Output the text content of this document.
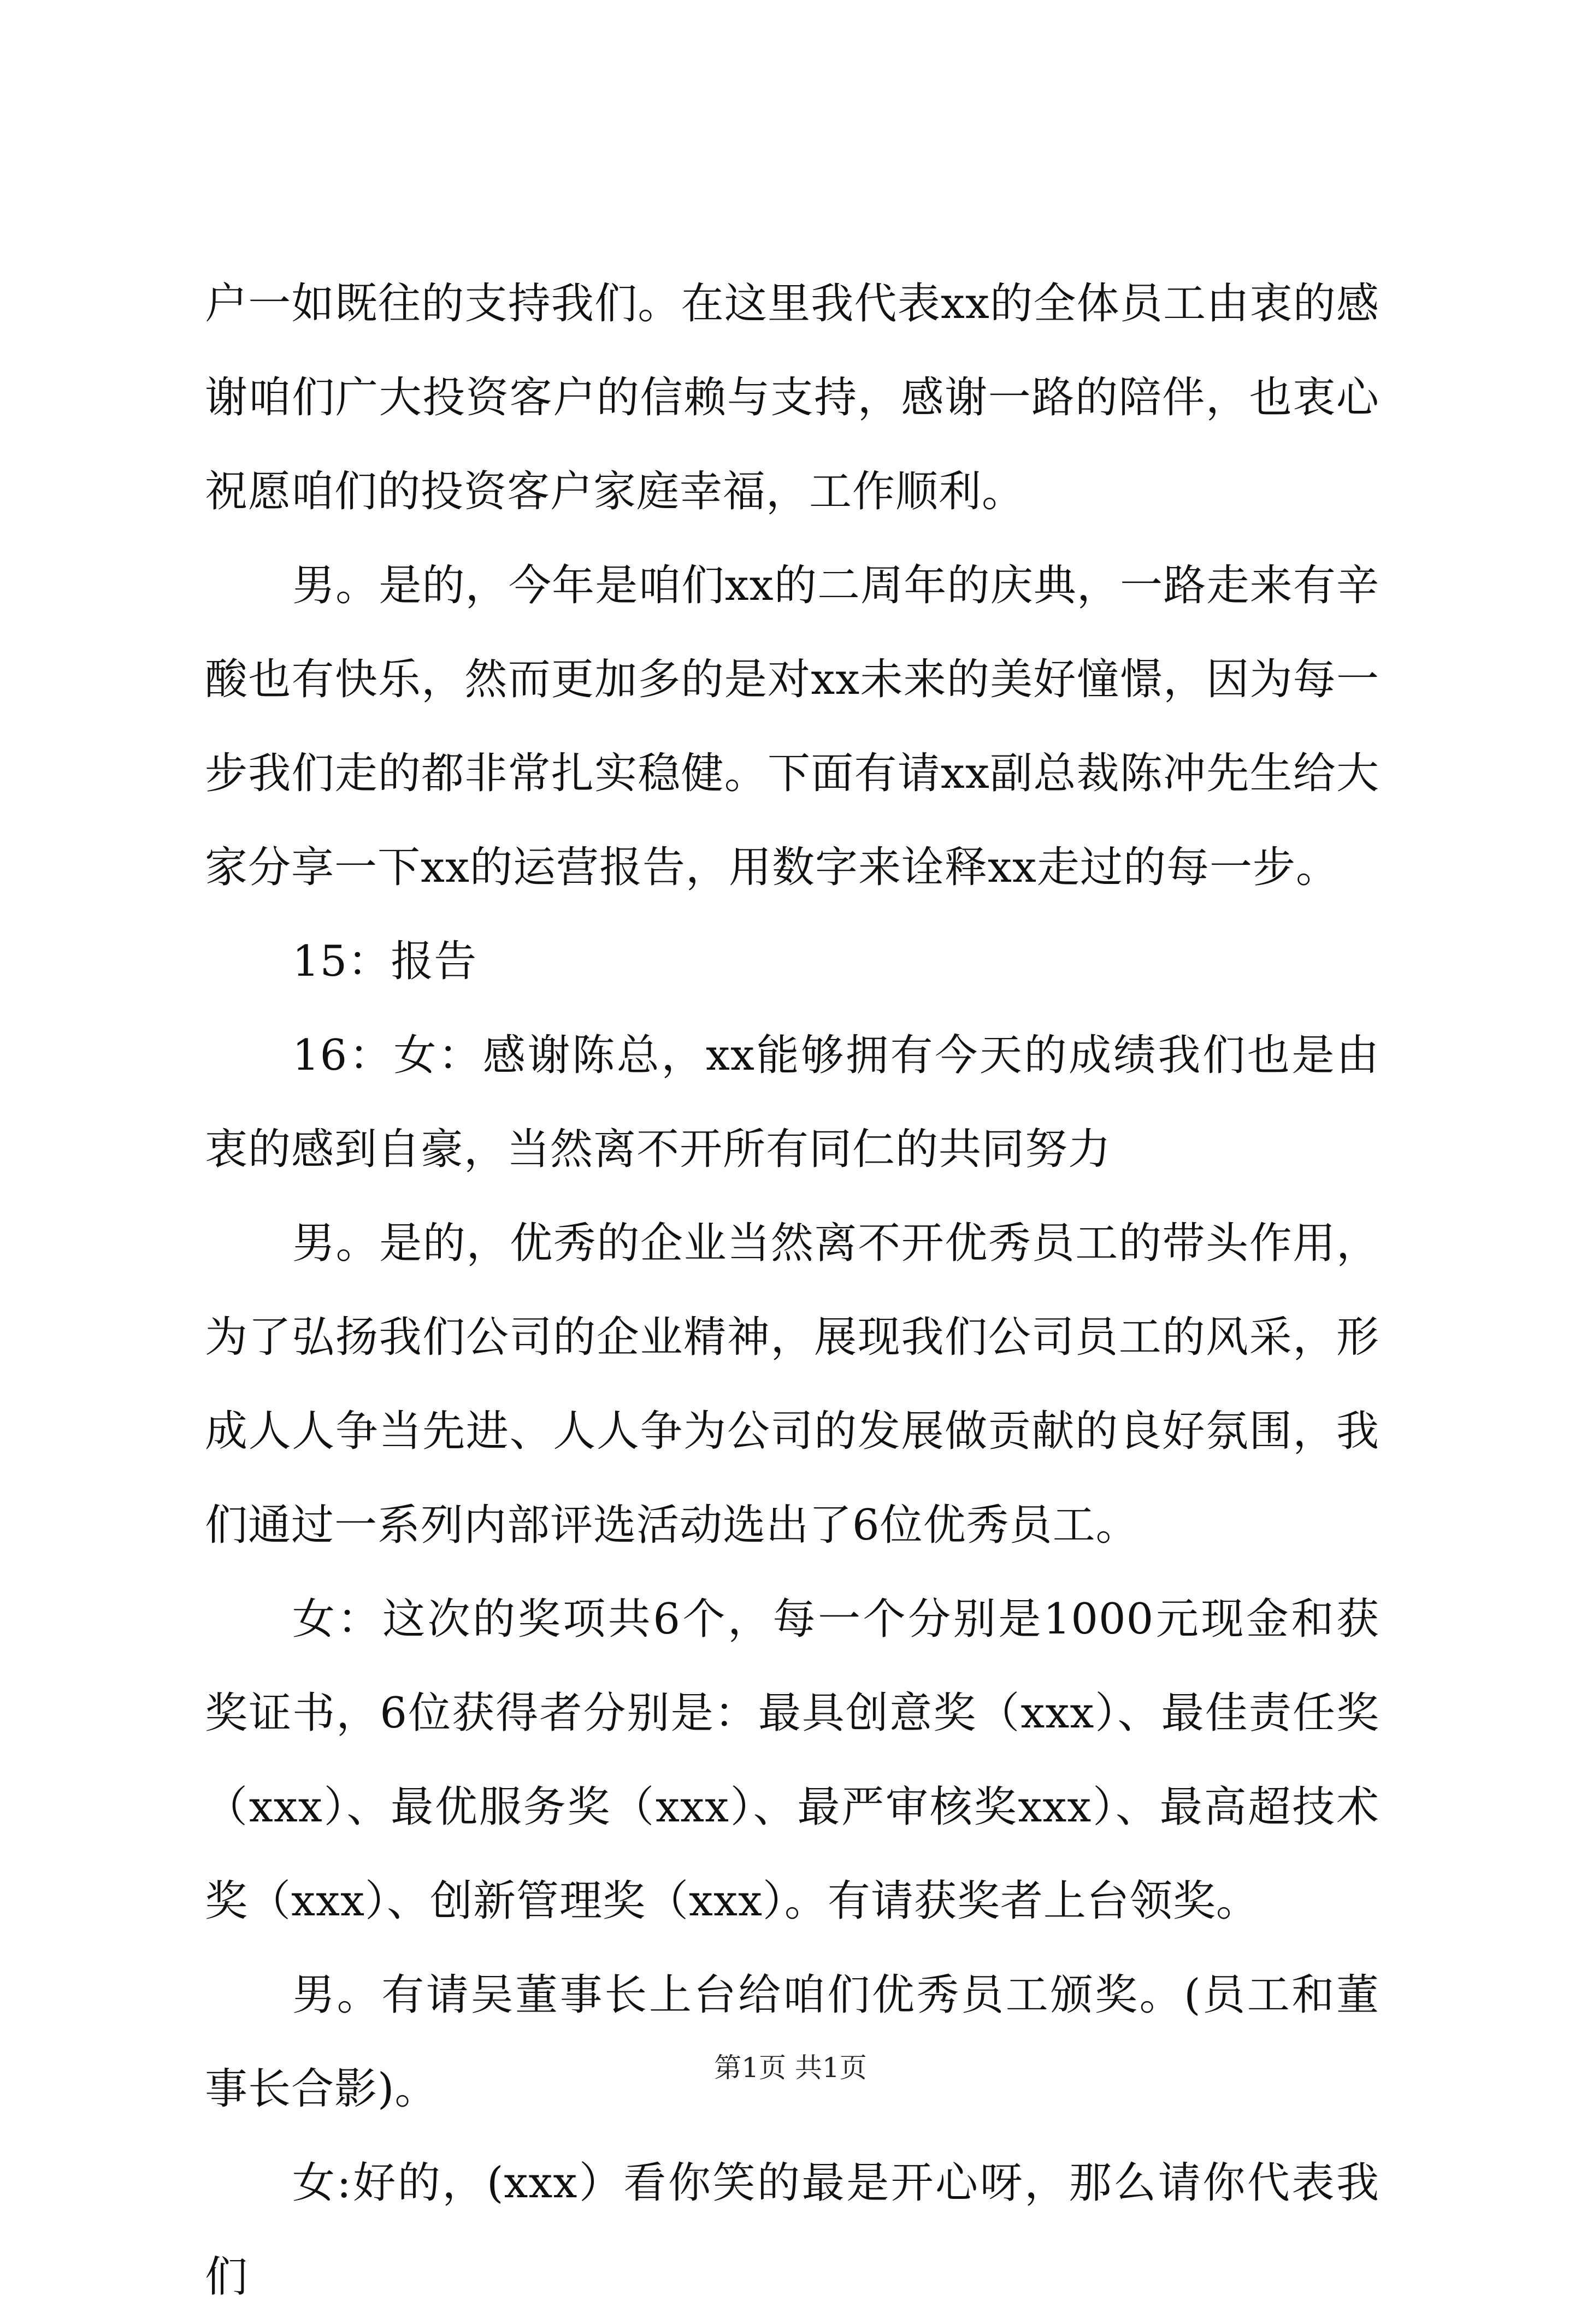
户一如既往的支持我们。在这里我代表xx的全体员工由衷的感谢咱们广大投资客户的信赖与支持，感谢一路的陪伴，也衷心祝愿咱们的投资客户家庭幸福，工作顺利。

男。是的，今年是咱们xx的二周年的庆典，一路走来有辛酸也有快乐，然而更加多的是对xx未来的美好憧憬，因为每一步我们走的都非常扎实稳健。下面有请xx副总裁陈冲先生给大家分享一下xx的运营报告，用数字来诠释xx走过的每一步。

15：报告

16：女：感谢陈总，xx能够拥有今天的成绩我们也是由衷的感到自豪，当然离不开所有同仁的共同努力

男。是的，优秀的企业当然离不开优秀员工的带头作用，为了弘扬我们公司的企业精神，展现我们公司员工的风采，形成人人争当先进、人人争为公司的发展做贡献的良好氛围，我们通过一系列内部评选活动选出了6位优秀员工。

女：这次的奖项共6个，每一个分别是1000元现金和获奖证书，6位获得者分别是：最具创意奖（xxx）、最佳责任奖（xxx）、最优服务奖（xxx）、最严审核奖xxx）、最高超技术奖（xxx）、创新管理奖（xxx）。有请获奖者上台领奖。

男。有请吴董事长上台给咱们优秀员工颁奖。(员工和董事长合影)。

女:好的，(xxx）看你笑的最是开心呀，那么请你代表我们

第1页 共1页
